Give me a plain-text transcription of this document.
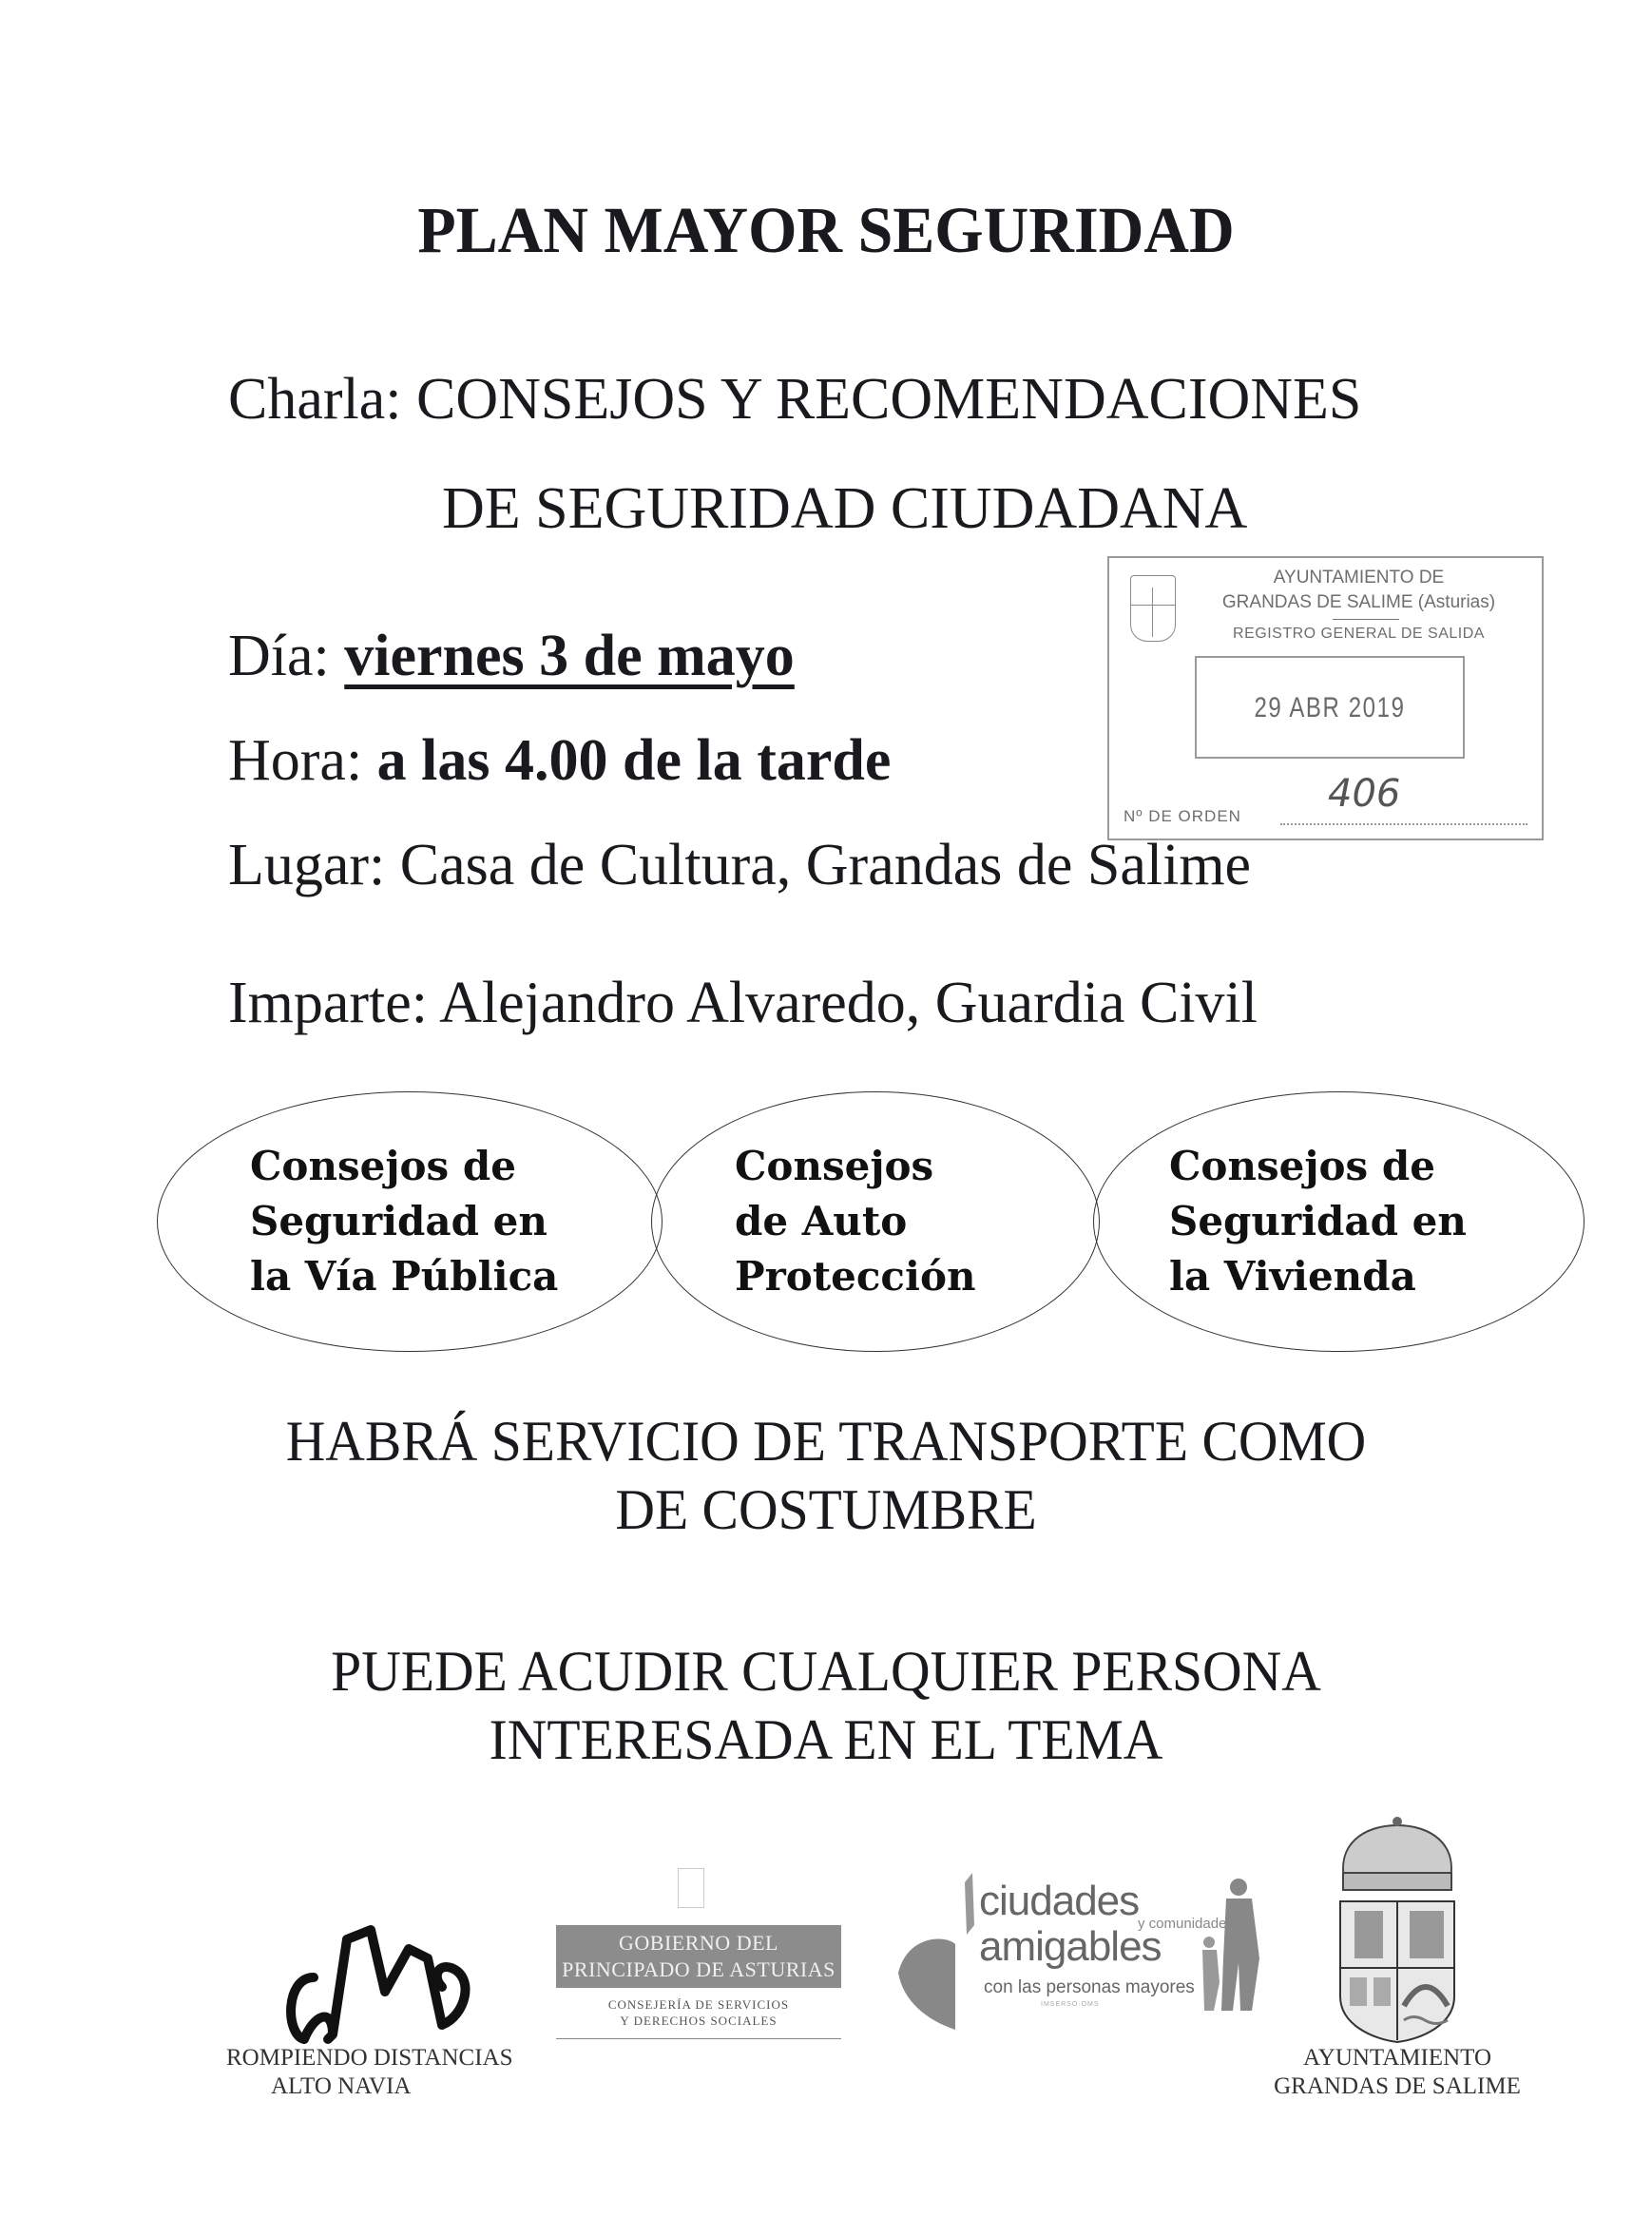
PLAN MAYOR SEGURIDAD
Charla: CONSEJOS Y RECOMENDACIONES
DE SEGURIDAD CIUDADANA
Día: viernes 3 de mayo
Hora: a las 4.00 de la tarde
Lugar: Casa de Cultura, Grandas de Salime
Imparte: Alejandro Alvaredo, Guardia Civil
AYUNTAMIENTO DE
GRANDAS DE SALIME (Asturias)
REGISTRO GENERAL DE SALIDA
29 ABR 2019
406
Nº DE ORDEN
Consejos de
Seguridad en
la Vía Pública
Consejos
de Auto
Protección
Consejos de
Seguridad en
la Vivienda
HABRÁ SERVICIO DE TRANSPORTE COMO
DE COSTUMBRE
PUEDE ACUDIR CUALQUIER PERSONA
INTERESADA EN EL TEMA
ROMPIENDO DISTANCIAS
ALTO NAVIA
GOBIERNO DEL
PRINCIPADO DE ASTURIAS
CONSEJERÍA DE SERVICIOS
Y DERECHOS SOCIALES
ciudades
y comunidades
amigables
con las personas mayores
IMSERSO·OMS
AYUNTAMIENTO
GRANDAS DE SALIME
